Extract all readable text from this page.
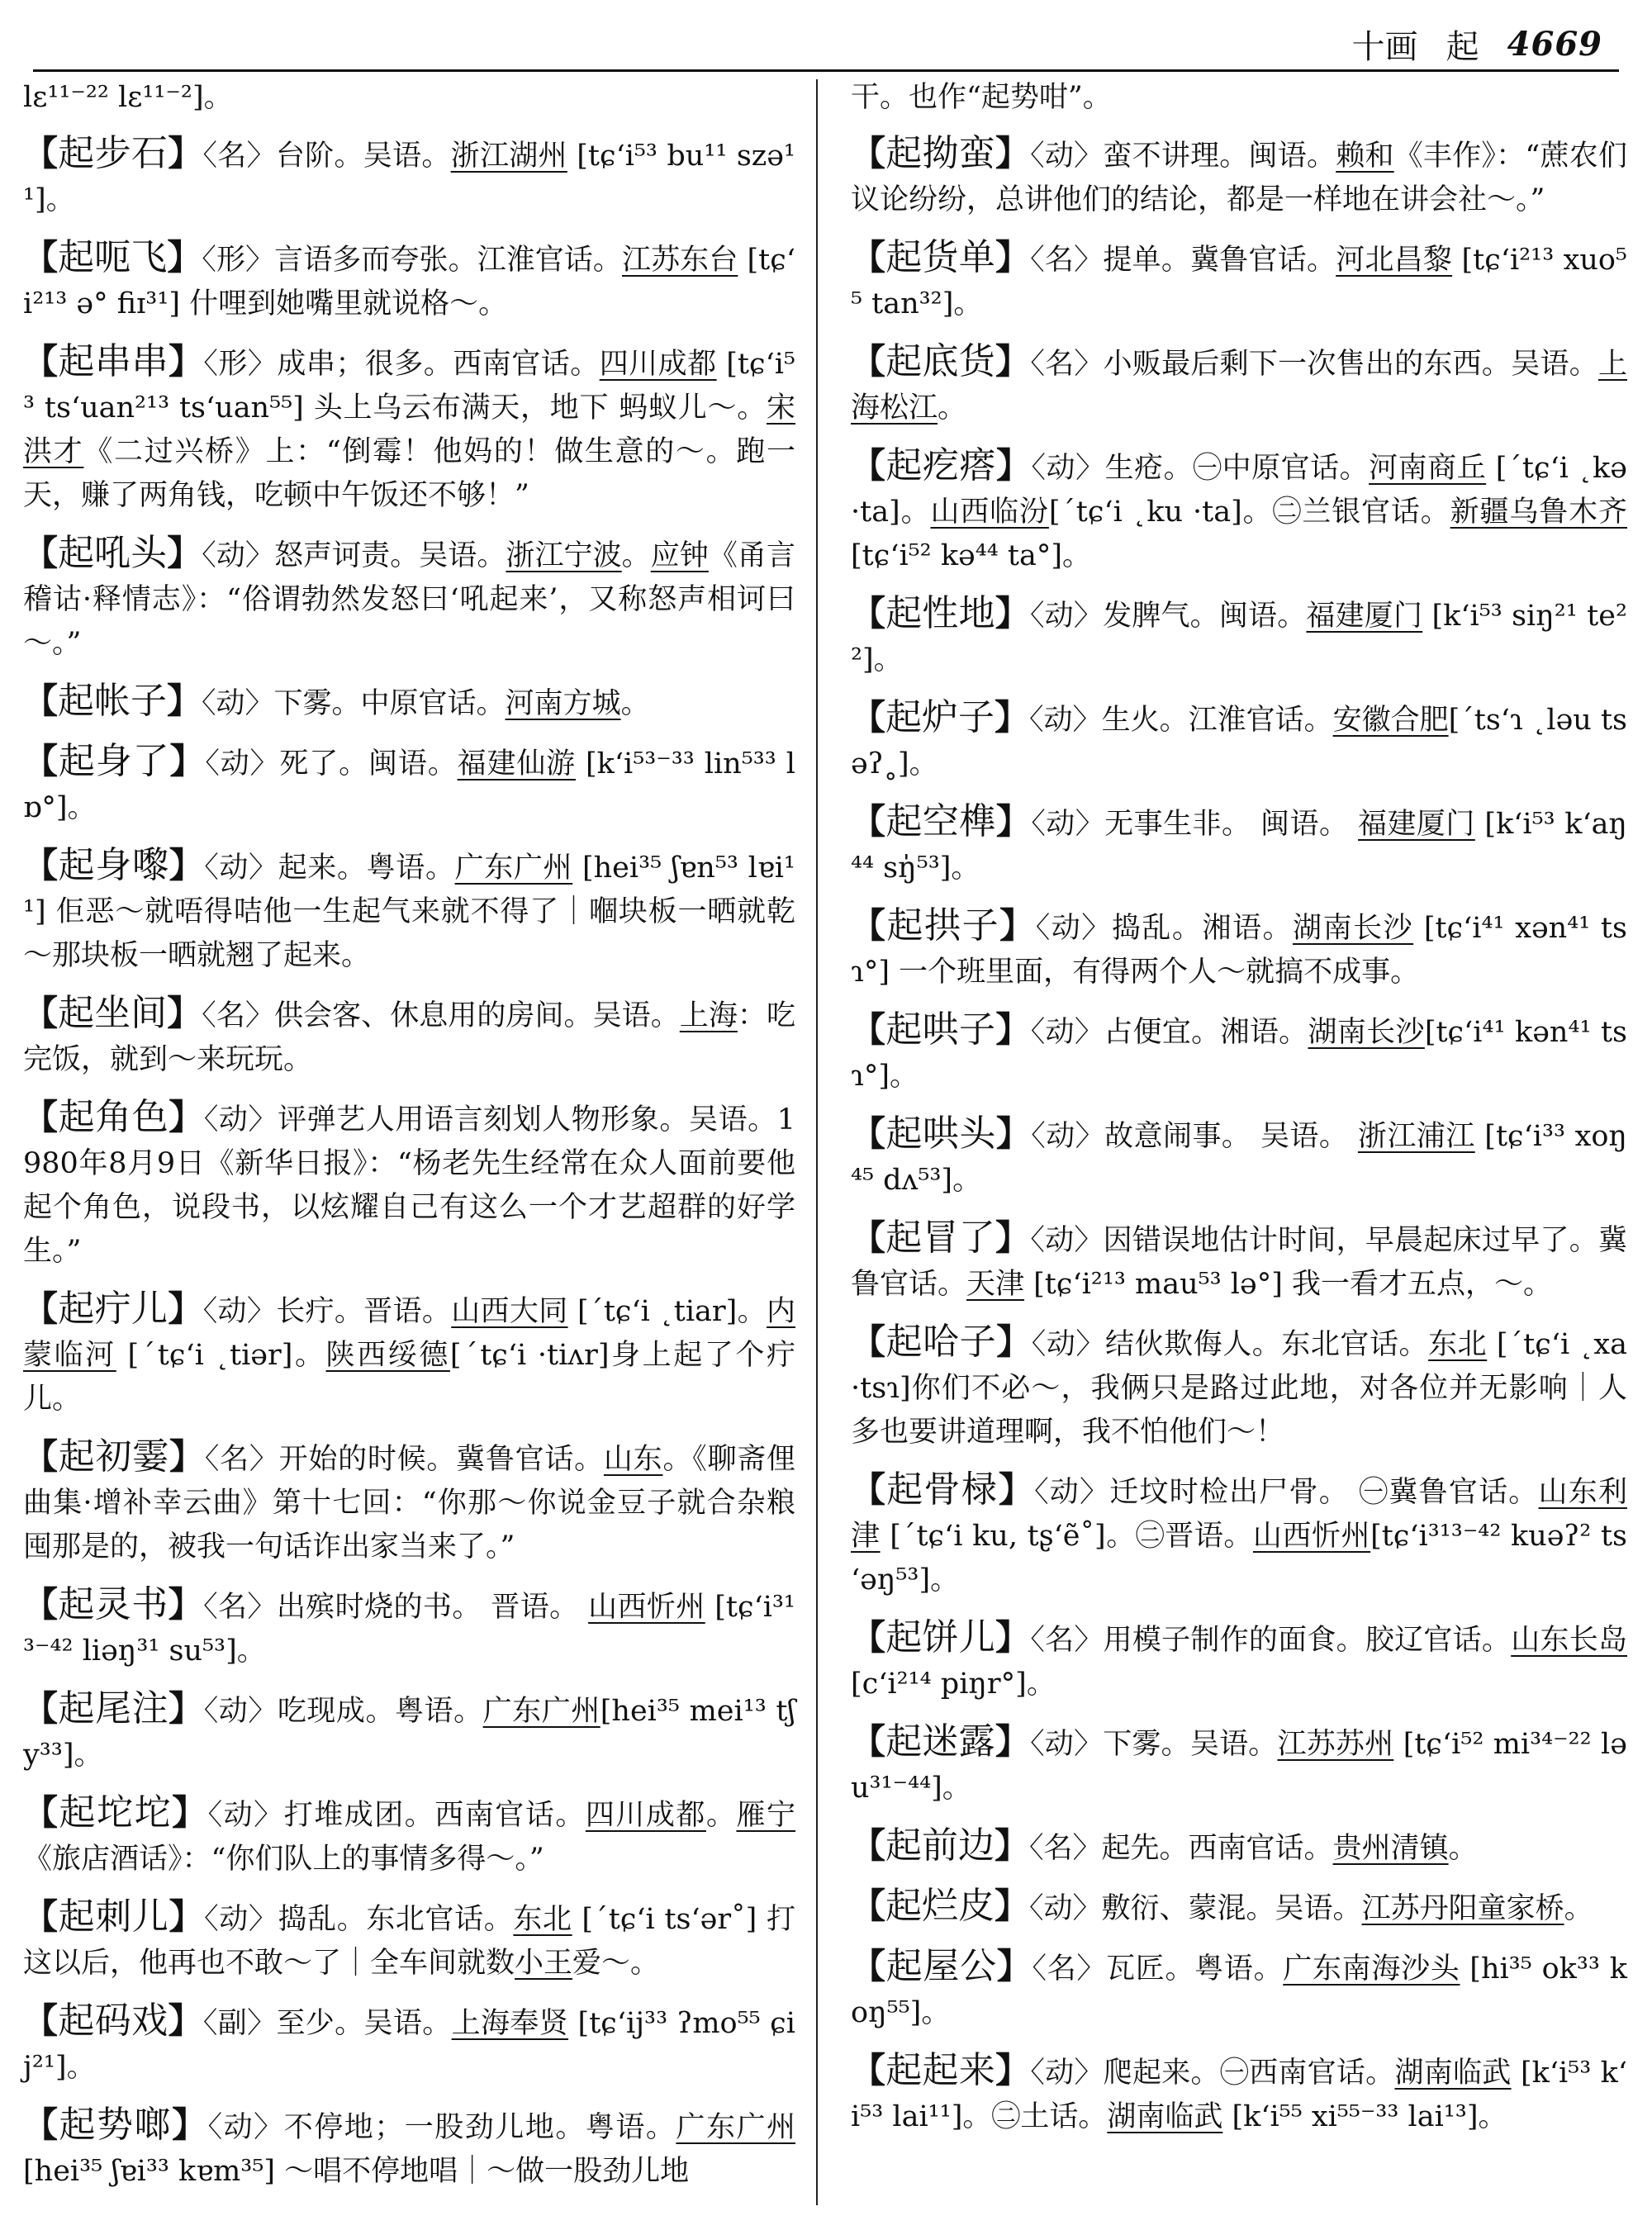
十画 起 4669

lɛ¹¹⁻²² lɛ¹¹⁻²]。

【起步石】〈名〉台阶。吴语。浙江湖州 [tɕʻi⁵³ bu¹¹ szə¹¹]。

【起呃飞】〈形〉言语多而夸张。江淮官话。江苏东台 [tɕʻi²¹³ ə° fiɪ³¹] 什哩到她嘴里就说格～。

【起串串】〈形〉成串；很多。西南官话。四川成都 [tɕʻi⁵³ tsʻuan²¹³ tsʻuan⁵⁵] 头上乌云布满天，地下 蚂蚁儿～。宋洪才《二过兴桥》上：“倒霉！他妈的！做生意的～。跑一天，赚了两角钱，吃顿中午饭还不够！”

【起吼头】〈动〉怒声诃责。吴语。浙江宁波。应钟《甬言稽诂·释情志》：“俗谓勃然发怒曰‘吼起来’，又称怒声相诃曰～。”

【起帐子】〈动〉下雾。中原官话。河南方城。

【起身了】〈动〉死了。闽语。福建仙游 [kʻi⁵³⁻³³ lin⁵³³ lɒ°]。

【起身嚟】〈动〉起来。粤语。广东广州 [hei³⁵ ʃɐn⁵³ lɐi¹¹] 佢恶～就唔得咭他一生起气来就不得了｜嗰块板一晒就乾～那块板一晒就翘了起来。

【起坐间】〈名〉供会客、休息用的房间。吴语。上海：吃完饭，就到～来玩玩。

【起角色】〈动〉评弹艺人用语言刻划人物形象。吴语。1980年8月9日《新华日报》：“杨老先生经常在众人面前要他起个角色，说段书，以炫耀自己有这么一个才艺超群的好学生。”

【起疔儿】〈动〉长疔。晋语。山西大同 [ˊtɕʻi ˛tiar]。内蒙临河 [ˊtɕʻi ˛tiər]。陕西绥德[ˊtɕʻi ·tiʌr]身上起了个疔儿。

【起初霎】〈名〉开始的时候。冀鲁官话。山东。《聊斋俚曲集·增补幸云曲》第十七回：“你那～你说金豆子就合杂粮囤那是的，被我一句话诈出家当来了。”

【起灵书】〈名〉出殡时烧的书。 晋语。 山西忻州 [tɕʻi³¹³⁻⁴² liəŋ³¹ su⁵³]。

【起尾注】〈动〉吃现成。粤语。广东广州[hei³⁵ mei¹³ tʃy³³]。

【起坨坨】〈动〉打堆成团。西南官话。四川成都。雁宁《旅店酒话》：“你们队上的事情多得～。”

【起刺儿】〈动〉捣乱。东北官话。东北 [ˊtɕʻi tsʻər˚] 打这以后，他再也不敢～了｜全车间就数小王爱～。

【起码戏】〈副〉至少。吴语。上海奉贤 [tɕʻij³³ ʔmo⁵⁵ ɕij²¹]。

【起势啷】〈动〉不停地；一股劲儿地。粤语。广东广州 [hei³⁵ ʃɐi³³ kɐm³⁵] ～唱不停地唱｜～做一股劲儿地

干。也作“起势咁”。

【起拗蛮】〈动〉蛮不讲理。闽语。赖和《丰作》：“蔗农们议论纷纷，总讲他们的结论，都是一样地在讲会社～。”

【起货单】〈名〉提单。冀鲁官话。河北昌黎 [tɕʻi²¹³ xuo⁵⁵ tan³²]。

【起底货】〈名〉小贩最后剩下一次售出的东西。吴语。上海松江。

【起疙瘩】〈动〉生疮。㊀中原官话。河南商丘 [ˊtɕʻi ˛kə ·ta]。山西临汾[ˊtɕʻi ˛ku ·ta]。㊁兰银官话。新疆乌鲁木齐 [tɕʻi⁵² kə⁴⁴ ta°]。

【起性地】〈动〉发脾气。闽语。福建厦门 [kʻi⁵³ siŋ²¹ te²²]。

【起炉子】〈动〉生火。江淮官话。安徽合肥[ˊtsʻɿ ˛ləu tsəʔ˳]。

【起空榫】〈动〉无事生非。 闽语。 福建厦门 [kʻi⁵³ kʻaŋ⁴⁴ sŋ̍⁵³]。

【起拱子】〈动〉捣乱。湘语。湖南长沙 [tɕʻi⁴¹ xən⁴¹ tsɿ°] 一个班里面，有得两个人～就搞不成事。

【起哄子】〈动〉占便宜。湘语。湖南长沙[tɕʻi⁴¹ kən⁴¹ tsɿ°]。

【起哄头】〈动〉故意闹事。 吴语。 浙江浦江 [tɕʻi³³ xoŋ⁴⁵ dʌ⁵³]。

【起冒了】〈动〉因错误地估计时间，早晨起床过早了。冀鲁官话。天津 [tɕʻi²¹³ mau⁵³ lə°] 我一看才五点，～。

【起哈子】〈动〉结伙欺侮人。东北官话。东北 [ˊtɕʻi ˛xa ·tsɿ]你们不必～，我俩只是路过此地，对各位并无影响｜人多也要讲道理啊，我不怕他们～！

【起骨椂】〈动〉迁坟时检出尸骨。 ㊀冀鲁官话。山东利津 [ˊtɕʻi ku, tʂʻẽ˚]。㊁晋语。山西忻州[tɕʻi³¹³⁻⁴² kuəʔ² tsʻəŋ⁵³]。

【起饼儿】〈名〉用模子制作的面食。胶辽官话。山东长岛 [cʻi²¹⁴ piŋr°]。

【起迷露】〈动〉下雾。吴语。江苏苏州 [tɕʻi⁵² mi³⁴⁻²² ləu³¹⁻⁴⁴]。

【起前边】〈名〉起先。西南官话。贵州清镇。

【起烂皮】〈动〉敷衍、蒙混。吴语。江苏丹阳童家桥。

【起屋公】〈名〉瓦匠。粤语。广东南海沙头 [hi³⁵ ok³³ koŋ⁵⁵]。

【起起来】〈动〉爬起来。㊀西南官话。湖南临武 [kʻi⁵³ kʻi⁵³ lai¹¹]。㊁土话。湖南临武 [kʻi⁵⁵ xi⁵⁵⁻³³ lai¹³]。
